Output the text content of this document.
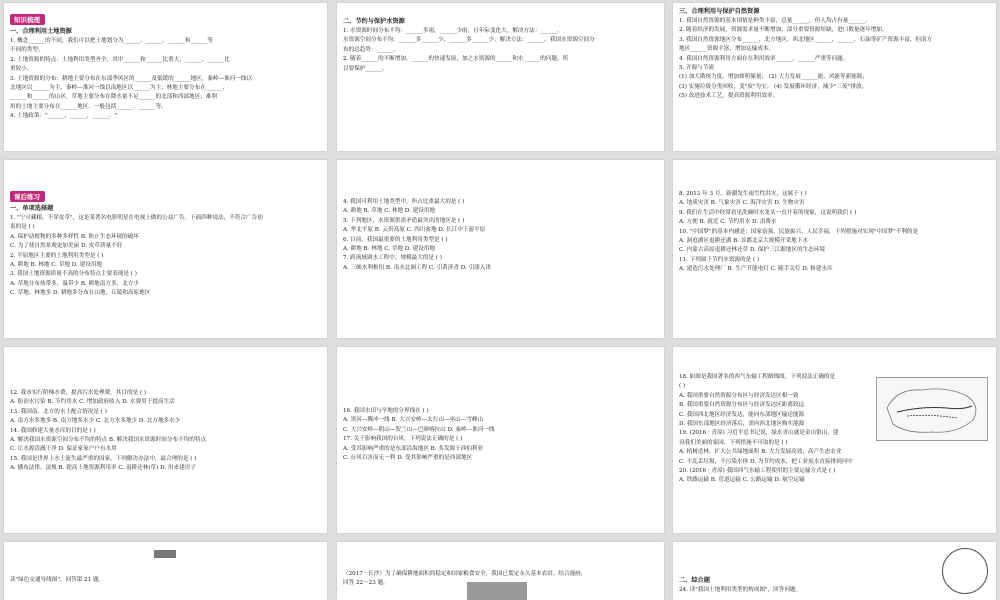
知识梳理
一、合理利用土地资源
1. 概念______的不同，我们可以把土地划分为______、______、______和______等
不同的类型。
2. 土地资源的特点：土地利用类型齐全，其中______和______比重大，______、______比
重较小。
3. 土地资源的分布：耕地主要分布在东部季风区的______及低缓的______地区，秦岭—淮河一线以
北地区以______为主，秦岭—淮河一线以南地区以______为主；林地主要分布在______、
______和______的山区。草地主要分布在降水量不足______的北部和西部地区；难利
用的土地主要分布在______地区，一般包括______、______等。
4. 土地政策："______，______，______。"
二、节约与保护水资源
1. 水资源时间分布不均：______多雨，______少雨，且年际变化大。解决方法：______。
水资源空间分布不均：______多______少，______多______少。解决方法：______。我国水资源空间分
布的总趋势：______。
2. 随着______的不断增加，______的快速发展，加之水资源的______和水______的问题，所
以要保护______。
三、合理利用与保护自然资源
1. 我国自然资源的基本国情是种类丰富，总量______，但人均占有量______。
2. 随着经济的发展，资源需求量不断增加，部分重要资源短缺，进口数量逐年增加。
3. 我国自然资源地区分布______，北方地区、西北地区______，______，石油等矿产资源丰富，但南方
地区______资源丰富，增加运输成本。
4. 我国自然资源利用方面存在利用效率______，______严重等问题。
5. 开源与节流
(1) 加大勘探力度，增加探明储量； (2) 大力发展______能、风能等新能源；
(3) 实施垃圾分类回收，变"废"为宝； (4) 发展循环经济，减少"三废"排放；
(5) 改进技术工艺，提高资源利用效率。
课后练习
一、单项选择题
1. "宁可藏粮，不穿皮草"，这是某著名电影明星在电视上做的公益广告。下面四种说法，不符合广告初
衷的是 ( )
A. 保护动植物的多种多样性 B. 防止生态环境的破坏
C. 为了使自然景观更加美丽 D. 皮草质量不好
2. 平原地区主要的土地利用类型是 ( )
A. 耕地 B. 林地 C. 草地 D. 建设用地
3. 我国土地资源质量不高的分布特点主要表现是 ( )
A. 草地分布热带多，温带少 B. 耕地南方多，北方少
C. 草地、林地多 D. 耕地多分布在山地，丘陵和高原地区
4. 我国可利用土地类型中，所占比重最大的是 ( )
A. 耕地 B. 草地 C. 林地 D. 建设用地
5. 下列地区，水资源供需矛盾最突出的地区是 ( )
A. 华北平原 B. 云贵高原 C. 四川盆地 D. 长江中下游平原
6. 目前，我国最重要的土地利用类型是 ( )
A. 耕地 B. 林地 C. 草地 D. 建设用地
7. 跨流域调水工程中，规模最大的是 ( )
A. 三峡水利枢纽 B. 南水北调工程 C. 引黄济青 D. 引滦入津
8. 2013 年 3 月，新疆发生雨雪性洪灾，这属于 ( )
A. 地质灾害 B. 气象灾害 C. 海洋灾害 D. 生物灾害
9. 我们在生活中经常看见洗碗时水龙头一直开着的现象，这说明我们 ( )
A. 方便 B. 就近 C. 节约用水 D. 浪费水
10. "中国梦"的基本内涵是：国家富强、民族振兴、人民幸福。下列措施对实现"中国梦"不利的是
A. 洞庭湖区退耕还湖 B. 首都北京大规模开采地下水
C. 内蒙古高原退耕还林还草 D. 保护三江源地区的生态环境
11. 下列属于节约水资源的是 ( )
A. 建造污水处理厂 B. 生产节能电灯 C. 随手关灯 D. 修建水库
12. 我市实行阶梯水费，提高污水处理费，其目的是 ( )
A. 防治水污染 B. 节约用水 C. 增加政府收入 D. 水费用于提高生活
13. 我国南、北方的水土配合情况是 ( )
A. 南方水多地多 B. 南方地多水少 C. 北方水多地少 D. 北方地多水少
14. 我国修建大量水库的目的是 ( )
A. 解决我国水资源空间分布不均的特点 B. 解决我国水资源时间分布不均的特点
C. 让水源清澈干净 D. 保证家家户户有水用
15. 我国是世界上水土流失最严重的国家，下列解决办法中，最合理的是 ( )
A. 播布法律，法规 B. 提高土地资源利用率 C. 退耕还林(草) D. 用来建房子
16. 我国水田与旱地的分界线在 ( )
A. 黑河—腾冲一线 B. 大兴安岭—太行山—巫山—雪峰山
C. 大兴安岭—阴山—贺兰山—巴颜喀拉山 D. 秦岭—淮河一线
17. 关于影响我国的台风，下列说法正确的是 ( )
A. 受其影响严重的是东部沿海地区 B. 多发源于西伯利亚
C. 台风百害而无一利 D. 受其影响严重的是西部地区
18. 如图是我国著名的西气东输工程路线图，下列说法正确的是
( )
A. 我国重要自然资源分布区与经济发达区相一致
B. 我国重要自然资源分布区与经济发达区距离较远
C. 我国西北地区经济发达，能向东部地区输送能源
D. 我国东部地区经济落后，需向西北地区购买能源
19. (2016 · 青漳) 习近平总书记说，绿水青山就是金山银山。建
设我们美丽的家园，下列措施不可取的是 ( )
A. 植树造林，扩大公共绿地面积 B. 大力发展高效，高产生态农业
C. 不乱丢垃圾，不污染水体 D. 为节约成本，把工业废水直接排到河中
20. (2016 · 青漳) 我国西气东输工程使用的主要运输方式是 ( )
A. 铁路运输 B. 管道运输 C. 公路运输 D. 航空运输
读"绿色交通导线图"，回答第 21 题。
（2017 · 长沙）为了确保耕地面积的稳定和国家粮食安全，我国已划定永久基本农田。结合漫画，
回答 22～23 题。	二、综合题
24. 读"我国土地利用类型的构成图"，回答问题。
